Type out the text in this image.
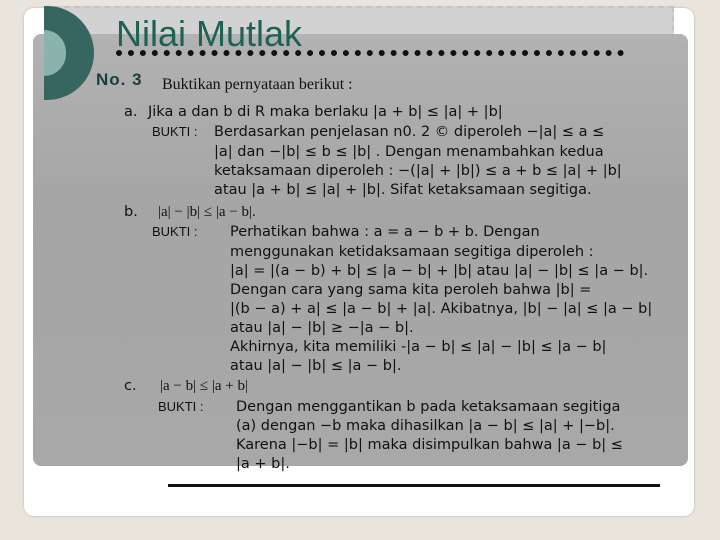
Nilai Mutlak
No. 3 Buktikan pernyataan berikut :
a. Jika a dan b di R maka berlaku |a + b| ≤ |a| + |b|
BUKTI : Berdasarkan penjelasan n0. 2 © diperoleh −|a| ≤ a ≤
|a| dan −|b| ≤ b ≤ |b| . Dengan menambahkan kedua
ketaksamaan diperoleh : −(|a| + |b|) ≤ a + b ≤ |a| + |b|
atau |a + b| ≤ |a| + |b|. Sifat ketaksamaan segitiga.
b. |a| − |b| ≤ |a − b|.
BUKTI : Perhatikan bahwa : a = a − b + b. Dengan
menggunakan ketidaksamaan segitiga diperoleh :
|a| = |(a − b) + b| ≤ |a − b| + |b| atau |a| − |b| ≤ |a − b|.
Dengan cara yang sama kita peroleh bahwa |b| =
|(b − a) + a| ≤ |a − b| + |a|. Akibatnya, |b| − |a| ≤ |a − b|
atau |a| − |b| ≥ −|a − b|.
Akhirnya, kita memiliki -|a − b| ≤ |a| − |b| ≤ |a − b|
atau |a| − |b| ≤ |a − b|.
c. |a − b| ≤ |a + b|
BUKTI : Dengan menggantikan b pada ketaksamaan segitiga
(a) dengan −b maka dihasilkan |a − b| ≤ |a| + |−b|.
Karena |−b| = |b| maka disimpulkan bahwa |a − b| ≤
|a + b|.
